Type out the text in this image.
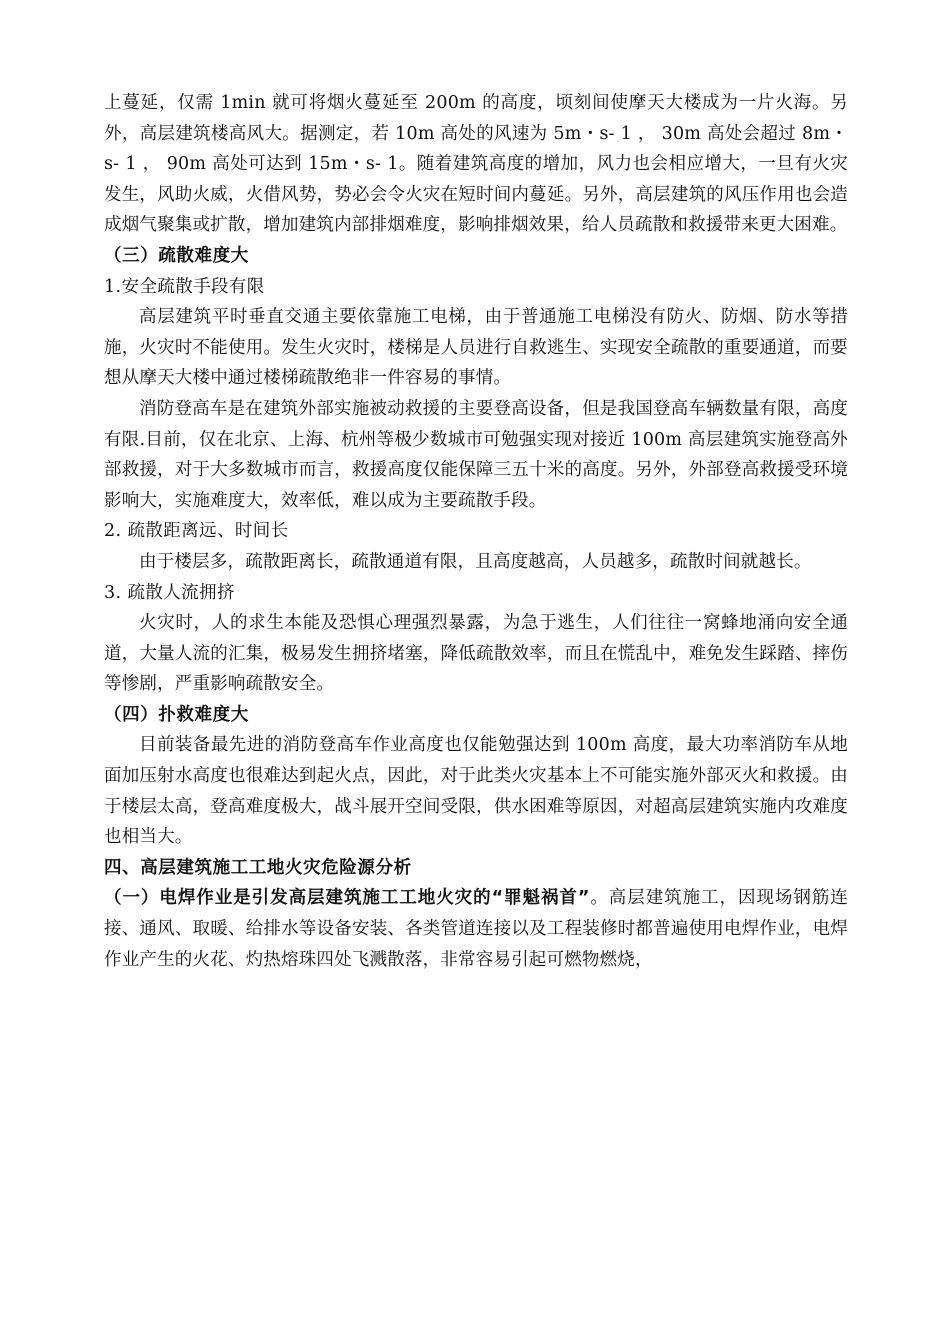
上蔓延，仅需 1min 就可将烟火蔓延至 200m 的高度，顷刻间使摩天大楼成为一片火海。另外，高层建筑楼高风大。据测定，若 10m 高处的风速为 5m・s- 1 ， 30m 高处会超过 8m・s- 1 ， 90m 高处可达到 15m・s- 1。随着建筑高度的增加，风力也会相应增大，一旦有火灾发生，风助火威，火借风势，势必会令火灾在短时间内蔓延。另外，高层建筑的风压作用也会造成烟气聚集或扩散，增加建筑内部排烟难度，影响排烟效果，给人员疏散和救援带来更大困难。

（三）疏散难度大

1.安全疏散手段有限

高层建筑平时垂直交通主要依靠施工电梯，由于普通施工电梯没有防火、防烟、防水等措施，火灾时不能使用。发生火灾时，楼梯是人员进行自救逃生、实现安全疏散的重要通道，而要想从摩天大楼中通过楼梯疏散绝非一件容易的事情。

消防登高车是在建筑外部实施被动救援的主要登高设备，但是我国登高车辆数量有限，高度有限.目前，仅在北京、上海、杭州等极少数城市可勉强实现对接近 100m 高层建筑实施登高外部救援，对于大多数城市而言，救援高度仅能保障三五十米的高度。另外，外部登高救援受环境影响大，实施难度大，效率低，难以成为主要疏散手段。

2. 疏散距离远、时间长

由于楼层多，疏散距离长，疏散通道有限，且高度越高，人员越多，疏散时间就越长。

3. 疏散人流拥挤

火灾时，人的求生本能及恐惧心理强烈暴露，为急于逃生，人们往往一窝蜂地涌向安全通道，大量人流的汇集，极易发生拥挤堵塞，降低疏散效率，而且在慌乱中，难免发生踩踏、摔伤等惨剧，严重影响疏散安全。

（四）扑救难度大

目前装备最先进的消防登高车作业高度也仅能勉强达到 100m 高度，最大功率消防车从地面加压射水高度也很难达到起火点，因此，对于此类火灾基本上不可能实施外部灭火和救援。由于楼层太高，登高难度极大，战斗展开空间受限，供水困难等原因，对超高层建筑实施内攻难度也相当大。

四、高层建筑施工工地火灾危险源分析

（一）电焊作业是引发高层建筑施工工地火灾的“罪魁祸首”。高层建筑施工，因现场钢筋连接、通风、取暖、给排水等设备安装、各类管道连接以及工程装修时都普遍使用电焊作业，电焊作业产生的火花、灼热熔珠四处飞溅散落，非常容易引起可燃物燃烧，
